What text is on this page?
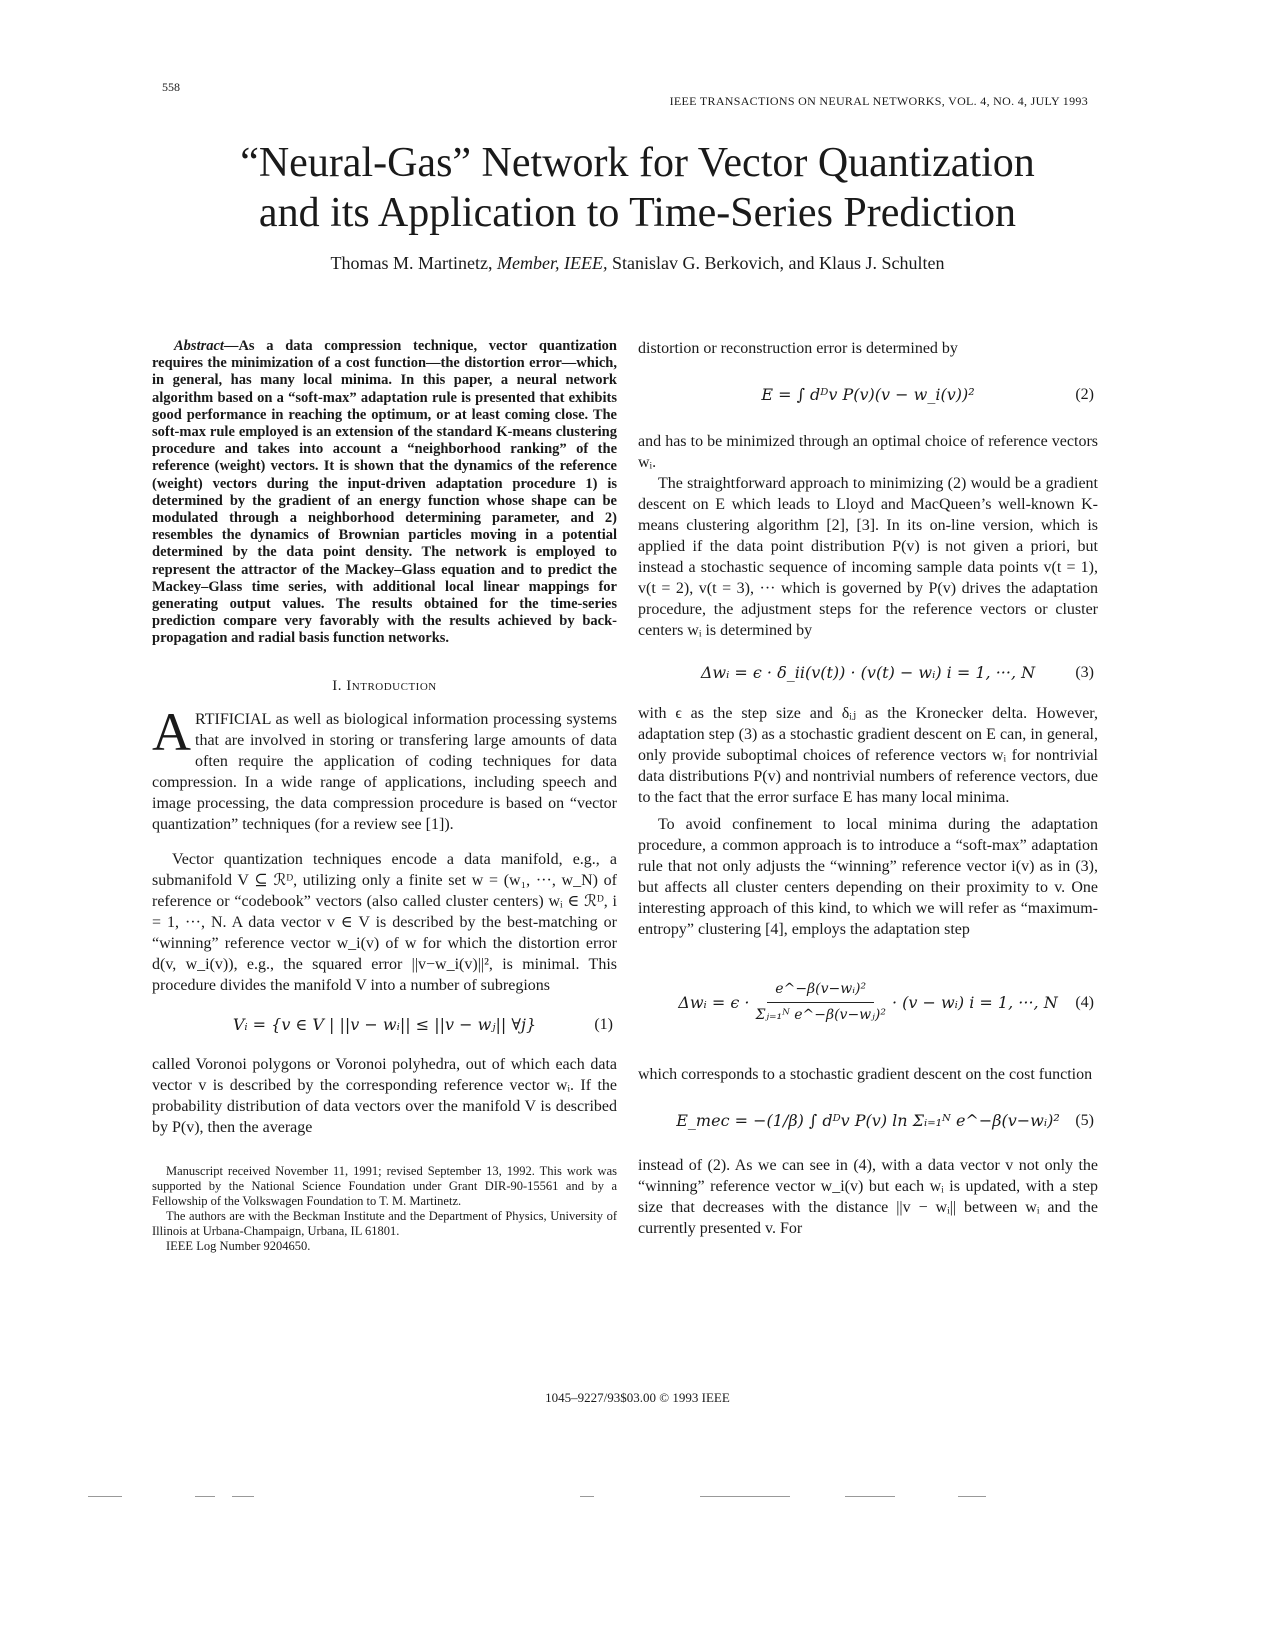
558
IEEE TRANSACTIONS ON NEURAL NETWORKS, VOL. 4, NO. 4, JULY 1993
“Neural-Gas” Network for Vector Quantization
and its Application to Time-Series Prediction
Thomas M. Martinetz, Member, IEEE, Stanislav G. Berkovich, and Klaus J. Schulten

Abstract—As a data compression technique, vector quantization requires the minimization of a cost function—the distortion error—which, in general, has many local minima. In this paper, a neural network algorithm based on a “soft-max” adaptation rule is presented that exhibits good performance in reaching the optimum, or at least coming close. The soft-max rule employed is an extension of the standard K-means clustering procedure and takes into account a “neighborhood ranking” of the reference (weight) vectors. It is shown that the dynamics of the reference (weight) vectors during the input-driven adaptation procedure 1) is determined by the gradient of an energy function whose shape can be modulated through a neighborhood determining parameter, and 2) resembles the dynamics of Brownian particles moving in a potential determined by the data point density. The network is employed to represent the attractor of the Mackey–Glass equation and to predict the Mackey–Glass time series, with additional local linear mappings for generating output values. The results obtained for the time-series prediction compare very favorably with the results achieved by back-propagation and radial basis function networks.

I. Introduction

ARTIFICIAL as well as biological information processing systems that are involved in storing or transfering large amounts of data often require the application of coding techniques for data compression. In a wide range of applications, including speech and image processing, the data compression procedure is based on “vector quantization” techniques (for a review see [1]).

Vector quantization techniques encode a data manifold, e.g., a submanifold V ⊆ ℛᴰ, utilizing only a finite set w = (w₁, ···, w_N) of reference or “codebook” vectors (also called cluster centers) wᵢ ∈ ℛᴰ, i = 1, ···, N. A data vector v ∈ V is described by the best-matching or “winning” reference vector w_i(v) of w for which the distortion error d(v, w_i(v)), e.g., the squared error ||v−w_i(v)||², is minimal. This procedure divides the manifold V into a number of subregions

Vᵢ = {v ∈ V | ||v − wᵢ|| ≤ ||v − wⱼ|| ∀j}	(1)

called Voronoi polygons or Voronoi polyhedra, out of which each data vector v is described by the corresponding reference vector wᵢ. If the probability distribution of data vectors over the manifold V is described by P(v), then the average

Manuscript received November 11, 1991; revised September 13, 1992. This work was supported by the National Science Foundation under Grant DIR-90-15561 and by a Fellowship of the Volkswagen Foundation to T. M. Martinetz.

The authors are with the Beckman Institute and the Department of Physics, University of Illinois at Urbana-Champaign, Urbana, IL 61801.

IEEE Log Number 9204650.

distortion or reconstruction error is determined by

E = ∫ dᴰv P(v)(v − w_i(v))²	(2)

and has to be minimized through an optimal choice of reference vectors wᵢ.

The straightforward approach to minimizing (2) would be a gradient descent on E which leads to Lloyd and MacQueen’s well-known K-means clustering algorithm [2], [3]. In its on-line version, which is applied if the data point distribution P(v) is not given a priori, but instead a stochastic sequence of incoming sample data points v(t = 1), v(t = 2), v(t = 3), ··· which is governed by P(v) drives the adaptation procedure, the adjustment steps for the reference vectors or cluster centers wᵢ is determined by

Δwᵢ = ϵ · δ_ii(v(t)) · (v(t) − wᵢ) i = 1, ···, N	(3)

with ϵ as the step size and δᵢⱼ as the Kronecker delta. However, adaptation step (3) as a stochastic gradient descent on E can, in general, only provide suboptimal choices of reference vectors wᵢ for nontrivial data distributions P(v) and nontrivial numbers of reference vectors, due to the fact that the error surface E has many local minima.

To avoid confinement to local minima during the adaptation procedure, a common approach is to introduce a “soft-max” adaptation rule that not only adjusts the “winning” reference vector i(v) as in (3), but affects all cluster centers depending on their proximity to v. One interesting approach of this kind, to which we will refer as “maximum-entropy” clustering [4], employs the adaptation step

Δwᵢ = $\epsilon \cdot \frac{\text{e\textasciicircum{}−β(v−wᵢ)²}}{\text{Σⱼ₌₁ᴺ e\textasciicircum{}−β(v−wⱼ)²}} \cdot (v$ − wᵢ) i = 1, ···, N (4)

which corresponds to a stochastic gradient descent on the cost function

E_mec = −(1/β) ∫ dᴰv P(v) ln Σᵢ₌₁ᴺ e^−β(v−wᵢ)² (5)

instead of (2). As we can see in (4), with a data vector v not only the “winning” reference vector w_i(v) but each wᵢ is updated, with a step size that decreases with the distance ||v − wᵢ|| between wᵢ and the currently presented v. For

1045–9227/93$03.00 © 1993 IEEE
